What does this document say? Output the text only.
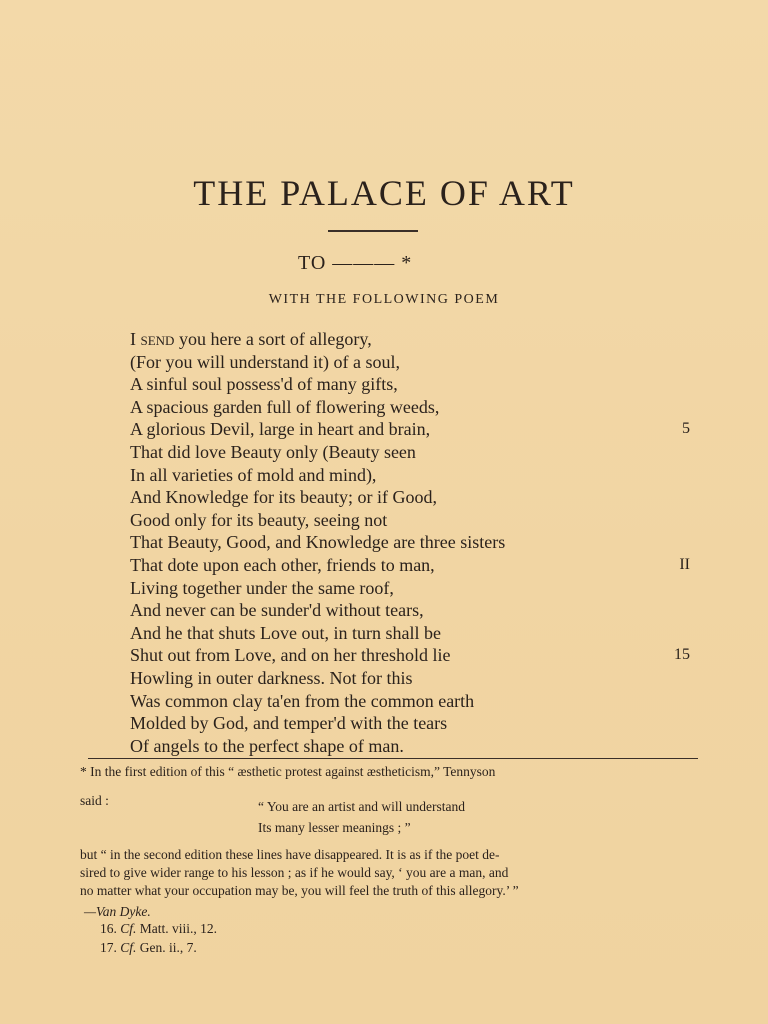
THE PALACE OF ART
TO ——— *
WITH THE FOLLOWING POEM
I send you here a sort of allegory,
(For you will understand it) of a soul,
A sinful soul possess'd of many gifts,
A spacious garden full of flowering weeds,
A glorious Devil, large in heart and brain,	5
That did love Beauty only (Beauty seen
In all varieties of mold and mind),
And Knowledge for its beauty; or if Good,
Good only for its beauty, seeing not
That Beauty, Good, and Knowledge are three sisters
That dote upon each other, friends to man,	II
Living together under the same roof,
And never can be sunder'd without tears,
And he that shuts Love out, in turn shall be
Shut out from Love, and on her threshold lie	15
Howling in outer darkness. Not for this
Was common clay ta'en from the common earth
Molded by God, and temper'd with the tears
Of angels to the perfect shape of man.
* In the first edition of this “ æsthetic protest against æstheticism,” Tennyson
said :	“ You are an artist and will understand
Its many lesser meanings ; ”
but “ in the second edition these lines have disappeared. It is as if the poet de-
sired to give wider range to his lesson ; as if he would say, ‘ you are a man, and
no matter what your occupation may be, you will feel the truth of this allegory.’ ”
—Van Dyke.
16. Cf. Matt. viii., 12.
17. Cf. Gen. ii., 7.
